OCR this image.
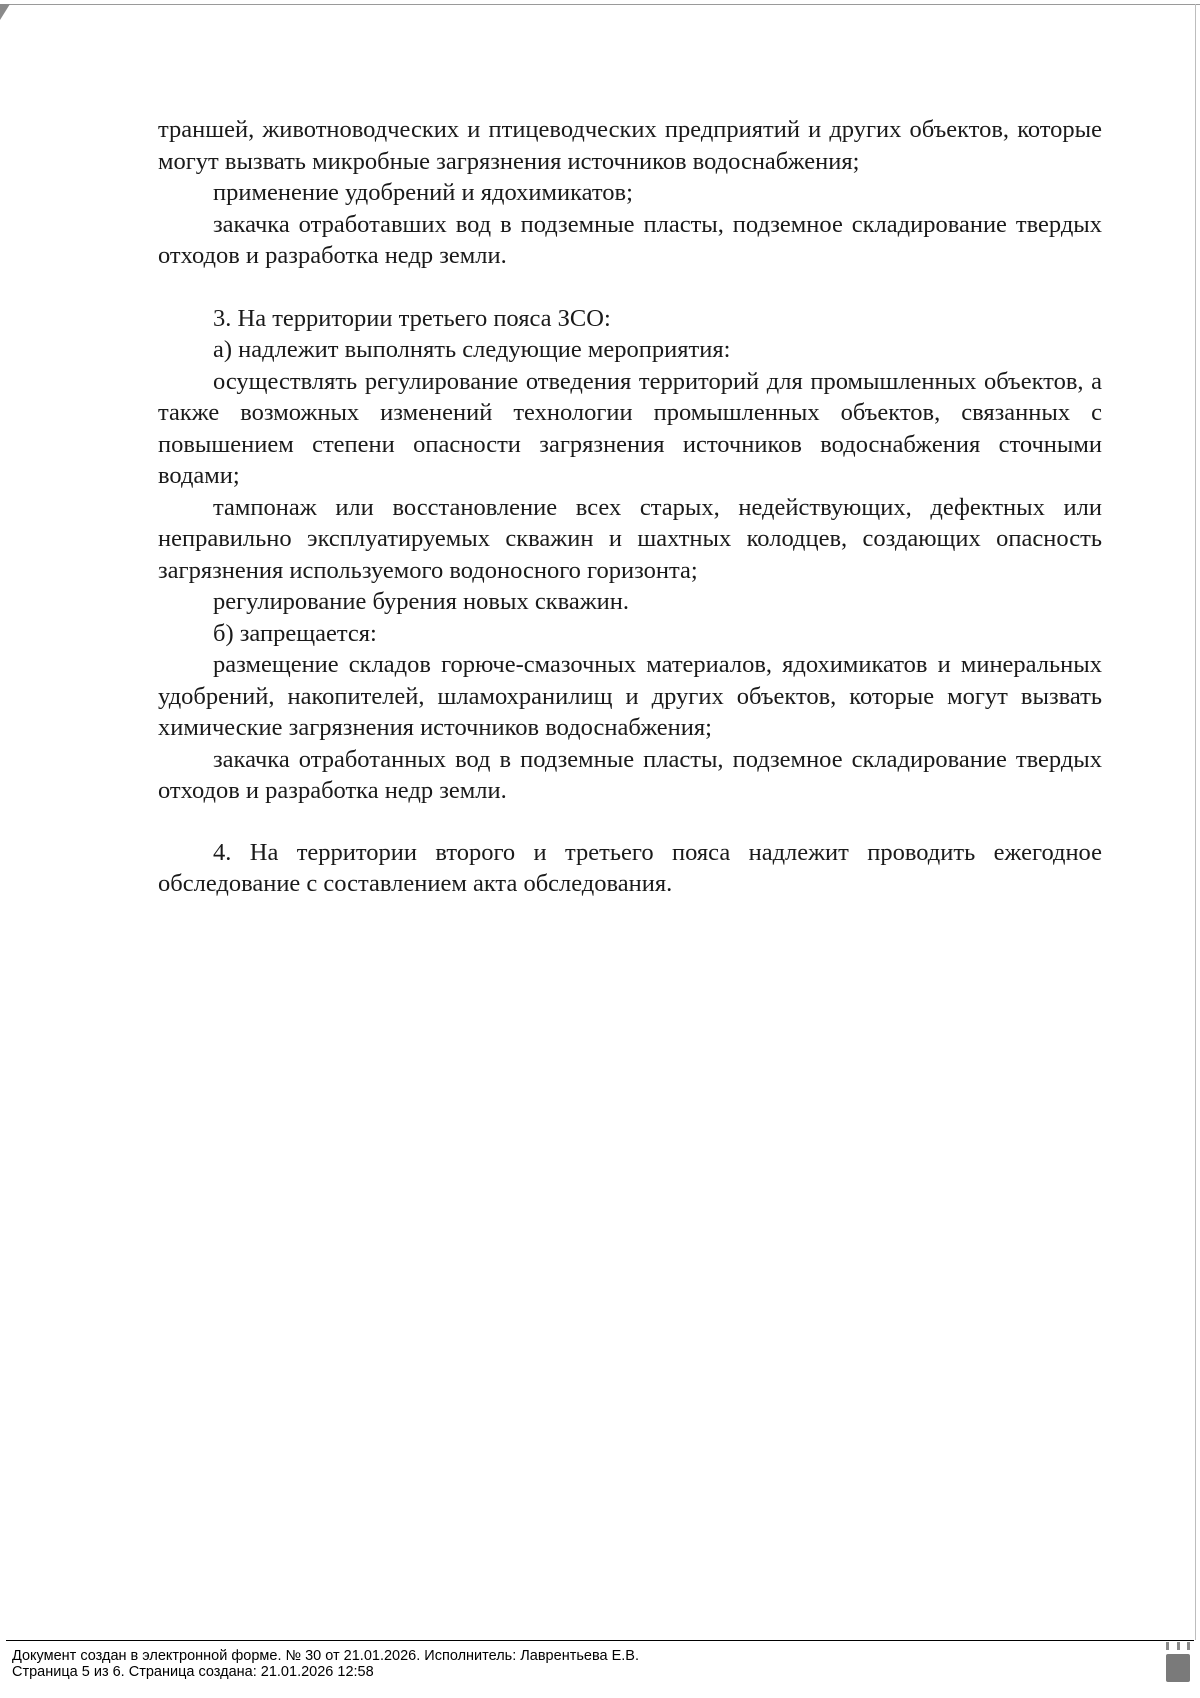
траншей, животноводческих и птицеводческих предприятий и других объектов, которые могут вызвать микробные загрязнения источников водоснабжения;

применение удобрений и ядохимикатов;

закачка отработавших вод в подземные пласты, подземное складирование твердых отходов и разработка недр земли.

3. На территории третьего пояса ЗСО:

а) надлежит выполнять следующие мероприятия:

осуществлять регулирование отведения территорий для промышленных объектов, а также возможных изменений технологии промышленных объектов, связанных с повышением степени опасности загрязнения источников водоснабжения сточными водами;

тампонаж или восстановление всех старых, недействующих, дефектных или неправильно эксплуатируемых скважин и шахтных колодцев, создающих опасность загрязнения используемого водоносного горизонта;

регулирование бурения новых скважин.

б) запрещается:

размещение складов горюче-смазочных материалов, ядохимикатов и минеральных удобрений, накопителей, шламохранилищ и других объектов, которые могут вызвать химические загрязнения источников водоснабжения;

закачка отработанных вод в подземные пласты, подземное складирование твердых отходов и разработка недр земли.

4. На территории второго и третьего пояса надлежит проводить ежегодное обследование с составлением акта обследования.

Документ создан в электронной форме. № 30 от 21.01.2026. Исполнитель: Лаврентьева Е.В.
Страница 5 из 6. Страница создана: 21.01.2026 12:58
